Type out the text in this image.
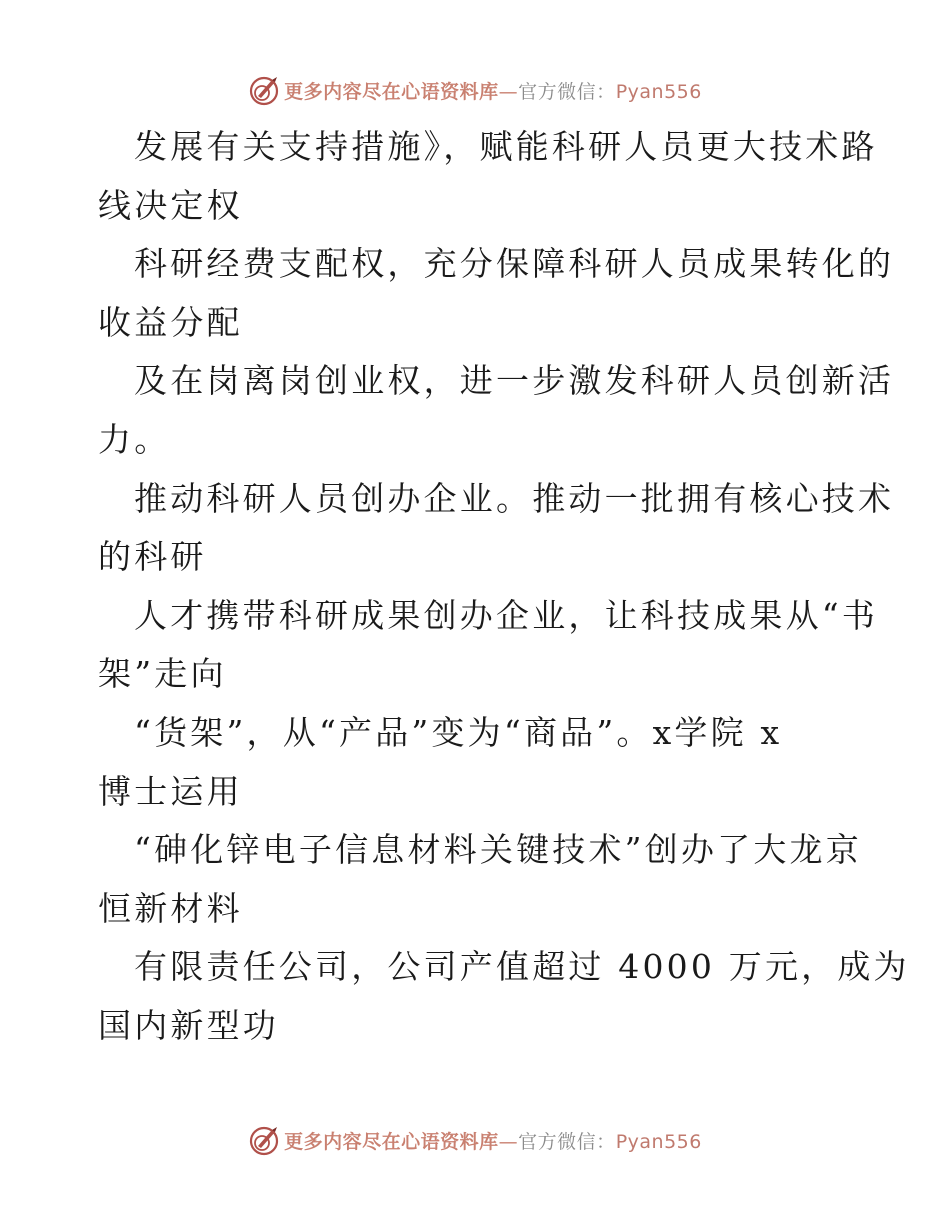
更多内容尽在心语资料库—官方微信：Pyan556
发展有关支持措施》，赋能科研人员更大技术路
线决定权
科研经费支配权，充分保障科研人员成果转化的
收益分配
及在岗离岗创业权，进一步激发科研人员创新活
力。
推动科研人员创办企业。推动一批拥有核心技术
的科研
人才携带科研成果创办企业，让科技成果从“书
架”走向
“货架”，从“产品”变为“商品”。x学院 x
博士运用
“砷化锌电子信息材料关键技术”创办了大龙京
恒新材料
有限责任公司，公司产值超过 4000 万元，成为
国内新型功
更多内容尽在心语资料库—官方微信：Pyan556
